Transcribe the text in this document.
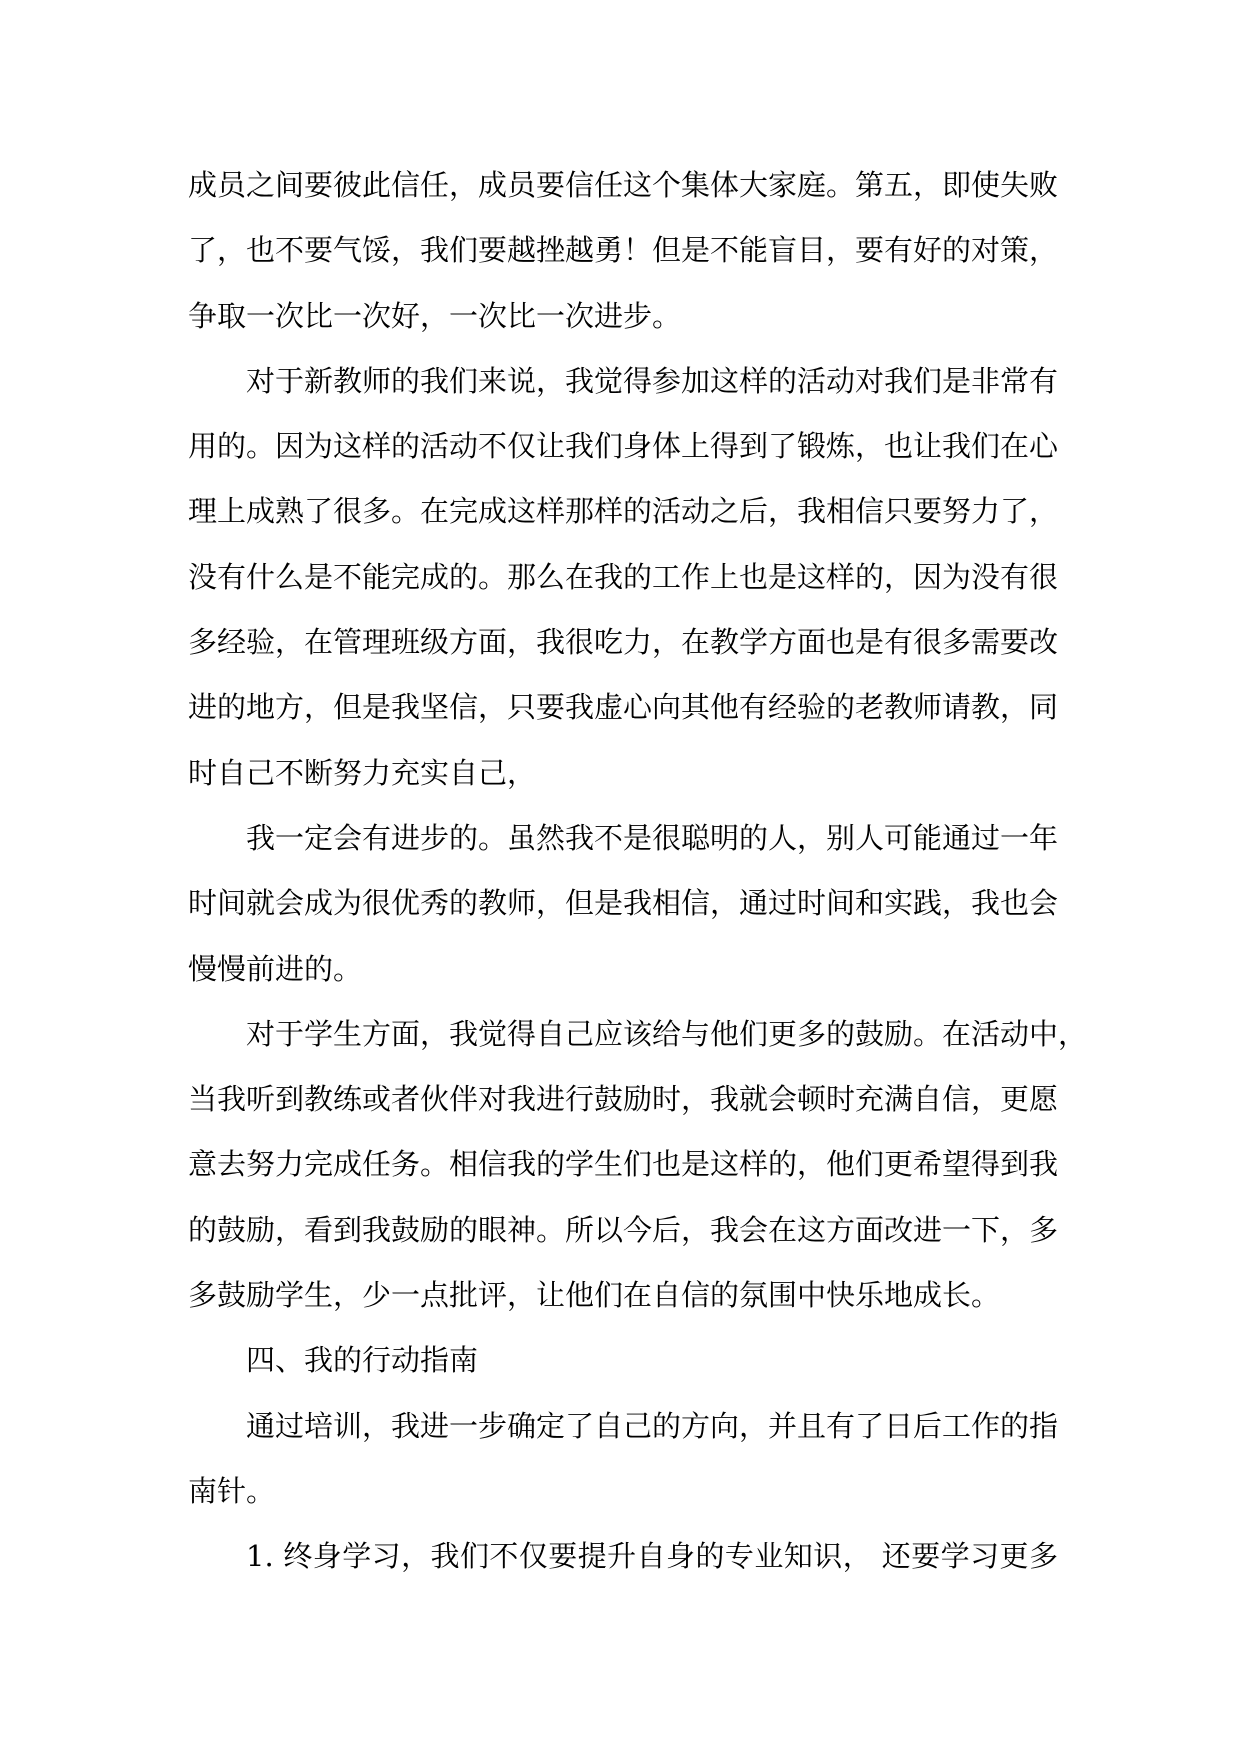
成员之间要彼此信任，成员要信任这个集体大家庭。第五，即使失败
了，也不要气馁，我们要越挫越勇！但是不能盲目，要有好的对策，
争取一次比一次好，一次比一次进步。
对于新教师的我们来说，我觉得参加这样的活动对我们是非常有
用的。因为这样的活动不仅让我们身体上得到了锻炼，也让我们在心
理上成熟了很多。在完成这样那样的活动之后，我相信只要努力了，
没有什么是不能完成的。那么在我的工作上也是这样的，因为没有很
多经验，在管理班级方面，我很吃力，在教学方面也是有很多需要改
进的地方，但是我坚信，只要我虚心向其他有经验的老教师请教，同
时自己不断努力充实自己，
我一定会有进步的。虽然我不是很聪明的人，别人可能通过一年
时间就会成为很优秀的教师，但是我相信，通过时间和实践，我也会
慢慢前进的。
对于学生方面，我觉得自己应该给与他们更多的鼓励。在活动中，
当我听到教练或者伙伴对我进行鼓励时，我就会顿时充满自信，更愿
意去努力完成任务。相信我的学生们也是这样的，他们更希望得到我
的鼓励，看到我鼓励的眼神。所以今后，我会在这方面改进一下，多
多鼓励学生，少一点批评，让他们在自信的氛围中快乐地成长。
四、我的行动指南
通过培训，我进一步确定了自己的方向，并且有了日后工作的指
南针。
1. 终身学习，我们不仅要提升自身的专业知识， 还要学习更多
